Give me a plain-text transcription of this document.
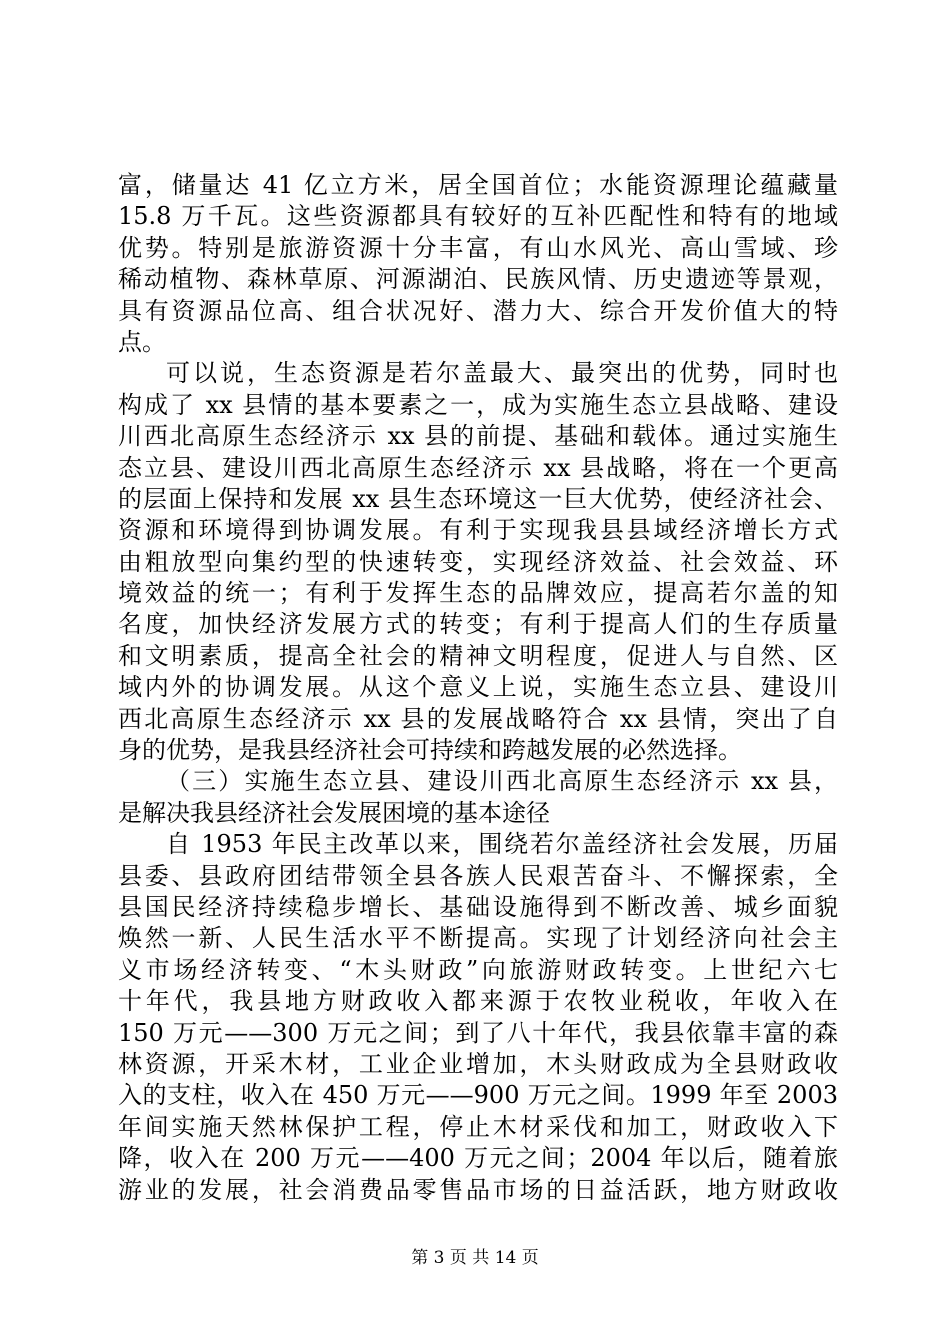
富，储量达 41 亿立方米，居全国首位；水能资源理论蕴藏量
15.8 万千瓦。这些资源都具有较好的互补匹配性和特有的地域
优势。特别是旅游资源十分丰富，有山水风光、高山雪域、珍
稀动植物、森林草原、河源湖泊、民族风情、历史遗迹等景观，
具有资源品位高、组合状况好、潜力大、综合开发价值大的特
点。
可以说，生态资源是若尔盖最大、最突出的优势，同时也
构成了 xx 县情的基本要素之一，成为实施生态立县战略、建设
川西北高原生态经济示 xx 县的前提、基础和载体。通过实施生
态立县、建设川西北高原生态经济示 xx 县战略，将在一个更高
的层面上保持和发展 xx 县生态环境这一巨大优势，使经济社会、
资源和环境得到协调发展。有利于实现我县县域经济增长方式
由粗放型向集约型的快速转变，实现经济效益、社会效益、环
境效益的统一；有利于发挥生态的品牌效应，提高若尔盖的知
名度，加快经济发展方式的转变；有利于提高人们的生存质量
和文明素质，提高全社会的精神文明程度，促进人与自然、区
域内外的协调发展。从这个意义上说，实施生态立县、建设川
西北高原生态经济示 xx 县的发展战略符合 xx 县情，突出了自
身的优势，是我县经济社会可持续和跨越发展的必然选择。
（三）实施生态立县、建设川西北高原生态经济示 xx 县，
是解决我县经济社会发展困境的基本途径
自 1953 年民主改革以来，围绕若尔盖经济社会发展，历届
县委、县政府团结带领全县各族人民艰苦奋斗、不懈探索，全
县国民经济持续稳步增长、基础设施得到不断改善、城乡面貌
焕然一新、人民生活水平不断提高。实现了计划经济向社会主
义市场经济转变、“木头财政”向旅游财政转变。上世纪六七
十年代，我县地方财政收入都来源于农牧业税收，年收入在
150 万元——300 万元之间；到了八十年代，我县依靠丰富的森
林资源，开采木材，工业企业增加，木头财政成为全县财政收
入的支柱，收入在 450 万元——900 万元之间。1999 年至 2003
年间实施天然林保护工程，停止木材采伐和加工，财政收入下
降，收入在 200 万元——400 万元之间；2004 年以后，随着旅
游业的发展，社会消费品零售品市场的日益活跃，地方财政收
第 3 页 共 14 页
